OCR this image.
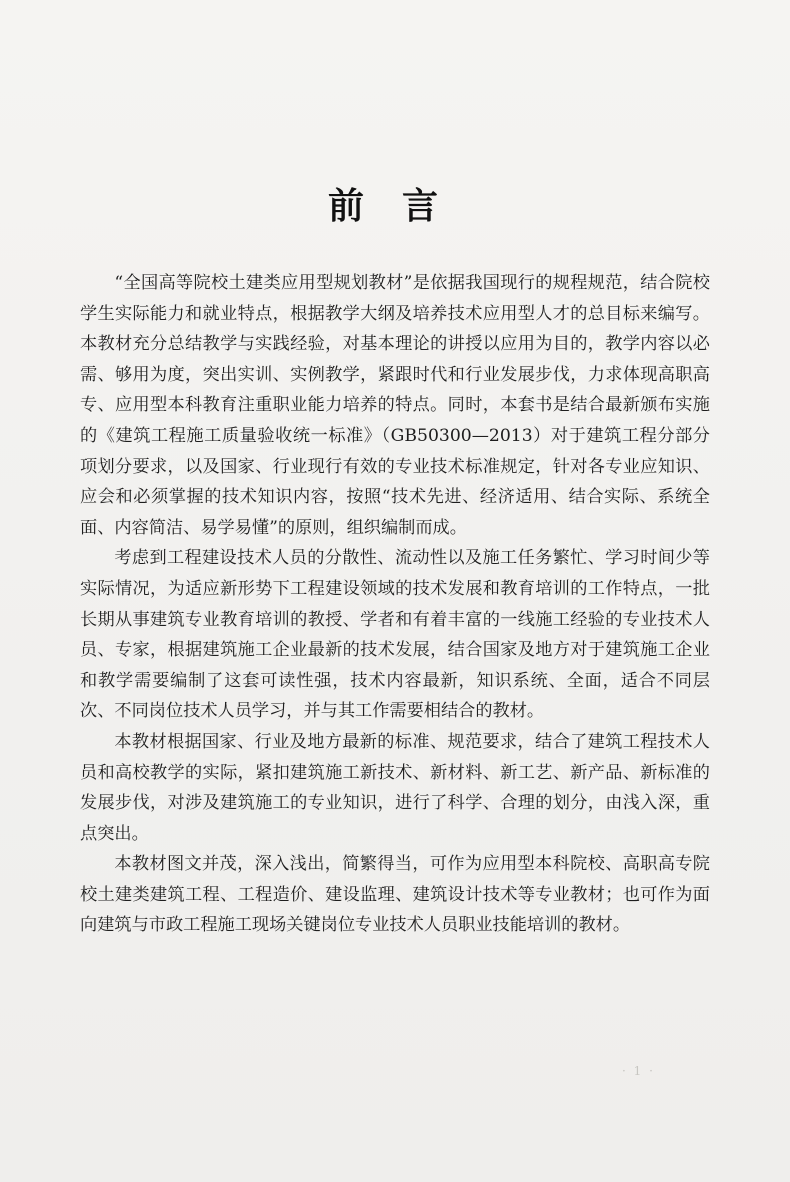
前言

“全国高等院校土建类应用型规划教材”是依据我国现行的规程规范，结合院校学生实际能力和就业特点，根据教学大纲及培养技术应用型人才的总目标来编写。本教材充分总结教学与实践经验，对基本理论的讲授以应用为目的，教学内容以必需、够用为度，突出实训、实例教学，紧跟时代和行业发展步伐，力求体现高职高专、应用型本科教育注重职业能力培养的特点。同时，本套书是结合最新颁布实施的《建筑工程施工质量验收统一标准》（GB50300—2013）对于建筑工程分部分项划分要求，以及国家、行业现行有效的专业技术标准规定，针对各专业应知识、应会和必须掌握的技术知识内容，按照“技术先进、经济适用、结合实际、系统全面、内容简洁、易学易懂”的原则，组织编制而成。

考虑到工程建设技术人员的分散性、流动性以及施工任务繁忙、学习时间少等实际情况，为适应新形势下工程建设领域的技术发展和教育培训的工作特点，一批长期从事建筑专业教育培训的教授、学者和有着丰富的一线施工经验的专业技术人员、专家，根据建筑施工企业最新的技术发展，结合国家及地方对于建筑施工企业和教学需要编制了这套可读性强，技术内容最新，知识系统、全面，适合不同层次、不同岗位技术人员学习，并与其工作需要相结合的教材。

本教材根据国家、行业及地方最新的标准、规范要求，结合了建筑工程技术人员和高校教学的实际，紧扣建筑施工新技术、新材料、新工艺、新产品、新标准的发展步伐，对涉及建筑施工的专业知识，进行了科学、合理的划分，由浅入深，重点突出。

本教材图文并茂，深入浅出，简繁得当，可作为应用型本科院校、高职高专院校土建类建筑工程、工程造价、建设监理、建筑设计技术等专业教材；也可作为面向建筑与市政工程施工现场关键岗位专业技术人员职业技能培训的教材。

· 1 ·
